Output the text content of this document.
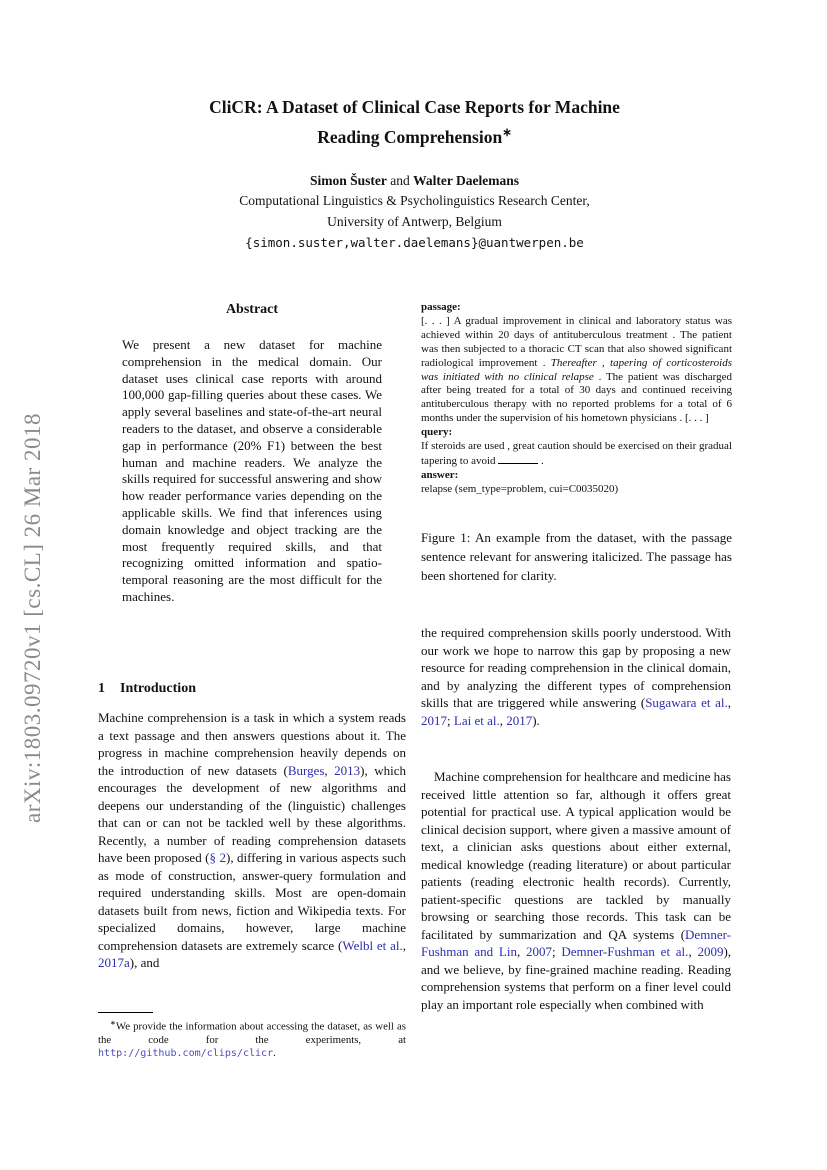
arXiv:1803.09720v1 [cs.CL] 26 Mar 2018
CliCR: A Dataset of Clinical Case Reports for Machine
Reading Comprehension∗
Simon Šuster and Walter Daelemans
Computational Linguistics & Psycholinguistics Research Center,
University of Antwerp, Belgium
{simon.suster,walter.daelemans}@uantwerpen.be
Abstract
We present a new dataset for machine comprehension in the medical domain. Our dataset uses clinical case reports with around 100,000 gap-filling queries about these cases. We apply several baselines and state-of-the-art neural readers to the dataset, and observe a considerable gap in performance (20% F1) between the best human and machine readers. We analyze the skills required for successful answering and show how reader performance varies depending on the applicable skills. We find that inferences using domain knowledge and object tracking are the most frequently required skills, and that recognizing omitted information and spatio-temporal reasoning are the most difficult for the machines.
1 Introduction
Machine comprehension is a task in which a system reads a text passage and then answers questions about it. The progress in machine comprehension heavily depends on the introduction of new datasets (Burges, 2013), which encourages the development of new algorithms and deepens our understanding of the (linguistic) challenges that can or can not be tackled well by these algorithms. Recently, a number of reading comprehension datasets have been proposed (§ 2), differing in various aspects such as mode of construction, answer-query formulation and required understanding skills. Most are open-domain datasets built from news, fiction and Wikipedia texts. For specialized domains, however, large machine comprehension datasets are extremely scarce (Welbl et al., 2017a), and
∗We provide the information about accessing the dataset, as well as the code for the experiments, at http://github.com/clips/clicr.
passage:
[. . . ] A gradual improvement in clinical and laboratory status was achieved within 20 days of antituberculous treatment . The patient was then subjected to a thoracic CT scan that also showed significant radiological improvement . Thereafter , tapering of corticosteroids was initiated with no clinical relapse . The patient was discharged after being treated for a total of 30 days and continued receiving antituberculous therapy with no reported problems for a total of 6 months under the supervision of his hometown physicians . [. . . ]
query:
If steroids are used , great caution should be exercised on their gradual tapering to avoid	.
answer:
relapse (sem_type=problem, cui=C0035020)
Figure 1: An example from the dataset, with the passage sentence relevant for answering italicized. The passage has been shortened for clarity.
the required comprehension skills poorly understood. With our work we hope to narrow this gap by proposing a new resource for reading comprehension in the clinical domain, and by analyzing the different types of comprehension skills that are triggered while answering (Sugawara et al., 2017; Lai et al., 2017).
Machine comprehension for healthcare and medicine has received little attention so far, although it offers great potential for practical use. A typical application would be clinical decision support, where given a massive amount of text, a clinician asks questions about either external, medical knowledge (reading literature) or about particular patients (reading electronic health records). Currently, patient-specific questions are tackled by manually browsing or searching those records. This task can be facilitated by summarization and QA systems (Demner-Fushman and Lin, 2007; Demner-Fushman et al., 2009), and we believe, by fine-grained machine reading. Reading comprehension systems that perform on a finer level could play an important role especially when combined with
